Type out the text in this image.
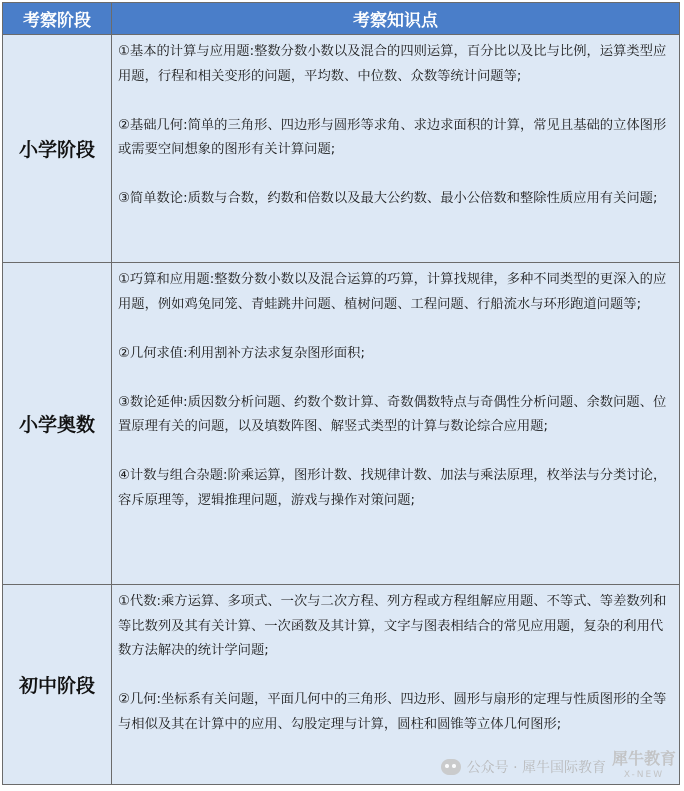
考察阶段	考察知识点
小学阶段	①基本的计算与应用题:整数分数小数以及混合的四则运算，百分比以及比与比例，运算类型应用题，行程和相关变形的问题，平均数、中位数、众数等统计问题等;

②基础几何:简单的三角形、四边形与圆形等求角、求边求面积的计算，常见且基础的立体图形或需要空间想象的图形有关计算问题;

③简单数论:质数与合数，约数和倍数以及最大公约数、最小公倍数和整除性质应用有关问题;

小学奥数	①巧算和应用题:整数分数小数以及混合运算的巧算，计算找规律，多种不同类型的更深入的应用题，例如鸡兔同笼、青蛙跳井问题、植树问题、工程问题、行船流水与环形跑道问题等;

②几何求值:利用割补方法求复杂图形面积;

③数论延伸:质因数分析问题、约数个数计算、奇数偶数特点与奇偶性分析问题、余数问题、位置原理有关的问题，以及填数阵图、解竖式类型的计算与数论综合应用题;

④计数与组合杂题:阶乘运算，图形计数、找规律计数、加法与乘法原理，枚举法与分类讨论，容斥原理等，逻辑推理问题，游戏与操作对策问题;

初中阶段	①代数:乘方运算、多项式、一次与二次方程、列方程或方程组解应用题、不等式、等差数列和等比数列及其有关计算、一次函数及其计算，文字与图表相结合的常见应用题，复杂的利用代数方法解决的统计学问题;

②几何:坐标系有关问题，平面几何中的三角形、四边形、圆形与扇形的定理与性质图形的全等与相似及其在计算中的应用、勾股定理与计算，圆柱和圆锥等立体几何图形;

公众号 · 犀牛国际教育 犀牛教育
X-NEW
